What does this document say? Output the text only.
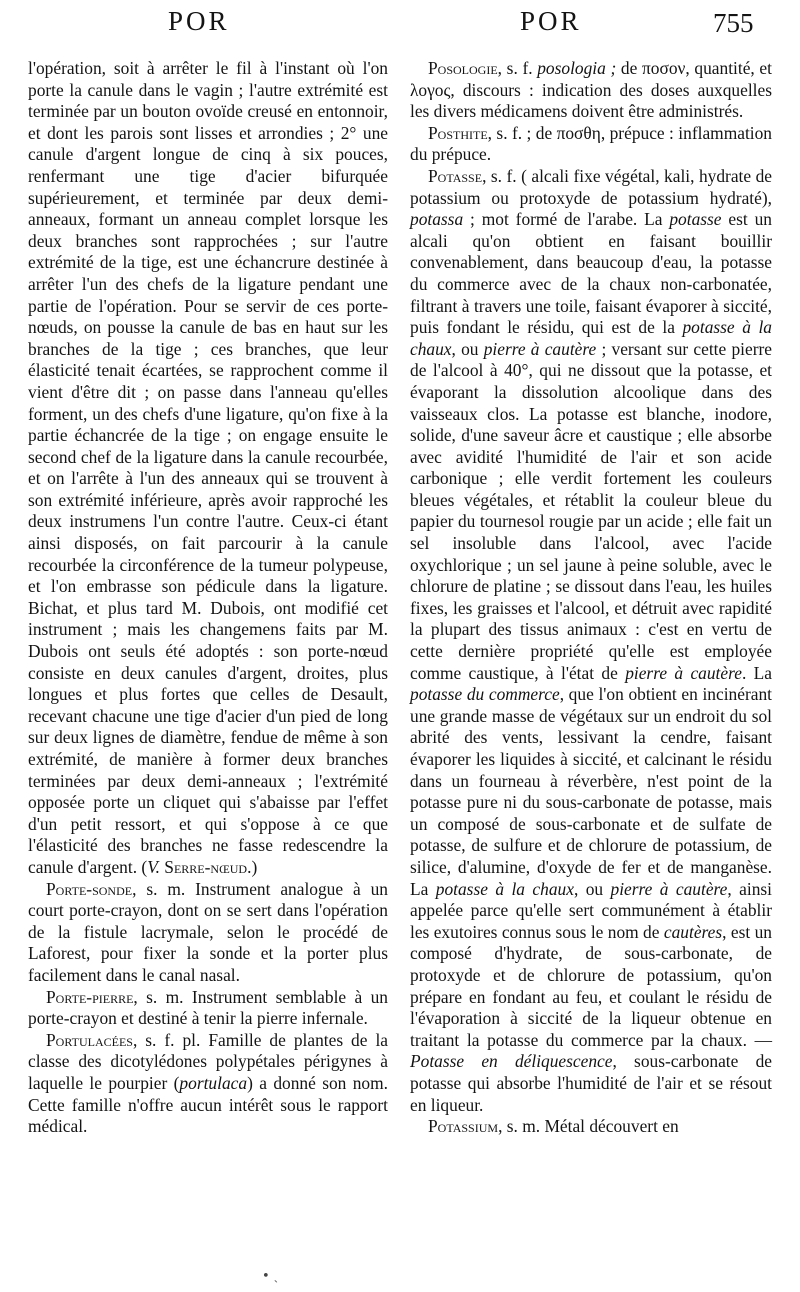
POR	POR	755

l'opération, soit à arrêter le fil à l'instant où l'on porte la canule dans le vagin ; l'autre extrémité est terminée par un bouton ovoïde creusé en entonnoir, et dont les parois sont lisses et arrondies ; 2° une canule d'argent longue de cinq à six pouces, renfermant une tige d'acier bifurquée supérieurement, et terminée par deux demi-anneaux, formant un anneau complet lorsque les deux branches sont rapprochées ; sur l'autre extrémité de la tige, est une échancrure destinée à arrêter l'un des chefs de la ligature pendant une partie de l'opération. Pour se servir de ces porte-nœuds, on pousse la canule de bas en haut sur les branches de la tige ; ces branches, que leur élasticité tenait écartées, se rapprochent comme il vient d'être dit ; on passe dans l'anneau qu'elles forment, un des chefs d'une ligature, qu'on fixe à la partie échancrée de la tige ; on engage ensuite le second chef de la ligature dans la canule recourbée, et on l'arrête à l'un des anneaux qui se trouvent à son extrémité inférieure, après avoir rapproché les deux instrumens l'un contre l'autre. Ceux-ci étant ainsi disposés, on fait parcourir à la canule recourbée la circonférence de la tumeur polypeuse, et l'on embrasse son pédicule dans la ligature. Bichat, et plus tard M. Dubois, ont modifié cet instrument ; mais les changemens faits par M. Dubois ont seuls été adoptés : son porte-nœud consiste en deux canules d'argent, droites, plus longues et plus fortes que celles de Desault, recevant chacune une tige d'acier d'un pied de long sur deux lignes de diamètre, fendue de même à son extrémité, de manière à former deux branches terminées par deux demi-anneaux ; l'extrémité opposée porte un cliquet qui s'abaisse par l'effet d'un petit ressort, et qui s'oppose à ce que l'élasticité des branches ne fasse redescendre la canule d'argent. (V. Serre-nœud.)

Porte-sonde, s. m. Instrument analogue à un court porte-crayon, dont on se sert dans l'opération de la fistule lacrymale, selon le procédé de Laforest, pour fixer la sonde et la porter plus facilement dans le canal nasal.

Porte-pierre, s. m. Instrument semblable à un porte-crayon et destiné à tenir la pierre infernale.

Portulacées, s. f. pl. Famille de plantes de la classe des dicotylédones polypétales périgynes à laquelle le pourpier (portulaca) a donné son nom. Cette famille n'offre aucun intérêt sous le rapport médical.

Posologie, s. f. posologia ; de ποσον, quantité, et λογος, discours : indication des doses auxquelles les divers médicamens doivent être administrés.

Posthite, s. f. ; de ποσθη, prépuce : inflammation du prépuce.

Potasse, s. f. ( alcali fixe végétal, kali, hydrate de potassium ou protoxyde de potassium hydraté), potassa ; mot formé de l'arabe. La potasse est un alcali qu'on obtient en faisant bouillir convenablement, dans beaucoup d'eau, la potasse du commerce avec de la chaux non-carbonatée, filtrant à travers une toile, faisant évaporer à siccité, puis fondant le résidu, qui est de la potasse à la chaux, ou pierre à cautère ; versant sur cette pierre de l'alcool à 40°, qui ne dissout que la potasse, et évaporant la dissolution alcoolique dans des vaisseaux clos. La potasse est blanche, inodore, solide, d'une saveur âcre et caustique ; elle absorbe avec avidité l'humidité de l'air et son acide carbonique ; elle verdit fortement les couleurs bleues végétales, et rétablit la couleur bleue du papier du tournesol rougie par un acide ; elle fait un sel insoluble dans l'alcool, avec l'acide oxychlorique ; un sel jaune à peine soluble, avec le chlorure de platine ; se dissout dans l'eau, les huiles fixes, les graisses et l'alcool, et détruit avec rapidité la plupart des tissus animaux : c'est en vertu de cette dernière propriété qu'elle est employée comme caustique, à l'état de pierre à cautère. La potasse du commerce, que l'on obtient en incinérant une grande masse de végétaux sur un endroit du sol abrité des vents, lessivant la cendre, faisant évaporer les liquides à siccité, et calcinant le résidu dans un fourneau à réverbère, n'est point de la potasse pure ni du sous-carbonate de potasse, mais un composé de sous-carbonate et de sulfate de potasse, de sulfure et de chlorure de potassium, de silice, d'alumine, d'oxyde de fer et de manganèse. La potasse à la chaux, ou pierre à cautère, ainsi appelée parce qu'elle sert communément à établir les exutoires connus sous le nom de cautères, est un composé d'hydrate, de sous-carbonate, de protoxyde et de chlorure de potassium, qu'on prépare en fondant au feu, et coulant le résidu de l'évaporation à siccité de la liqueur obtenue en traitant la potasse du commerce par la chaux. — Potasse en déliquescence, sous-carbonate de potasse qui absorbe l'humidité de l'air et se résout en liqueur.

Potassium, s. m. Métal découvert en

• ˎ
